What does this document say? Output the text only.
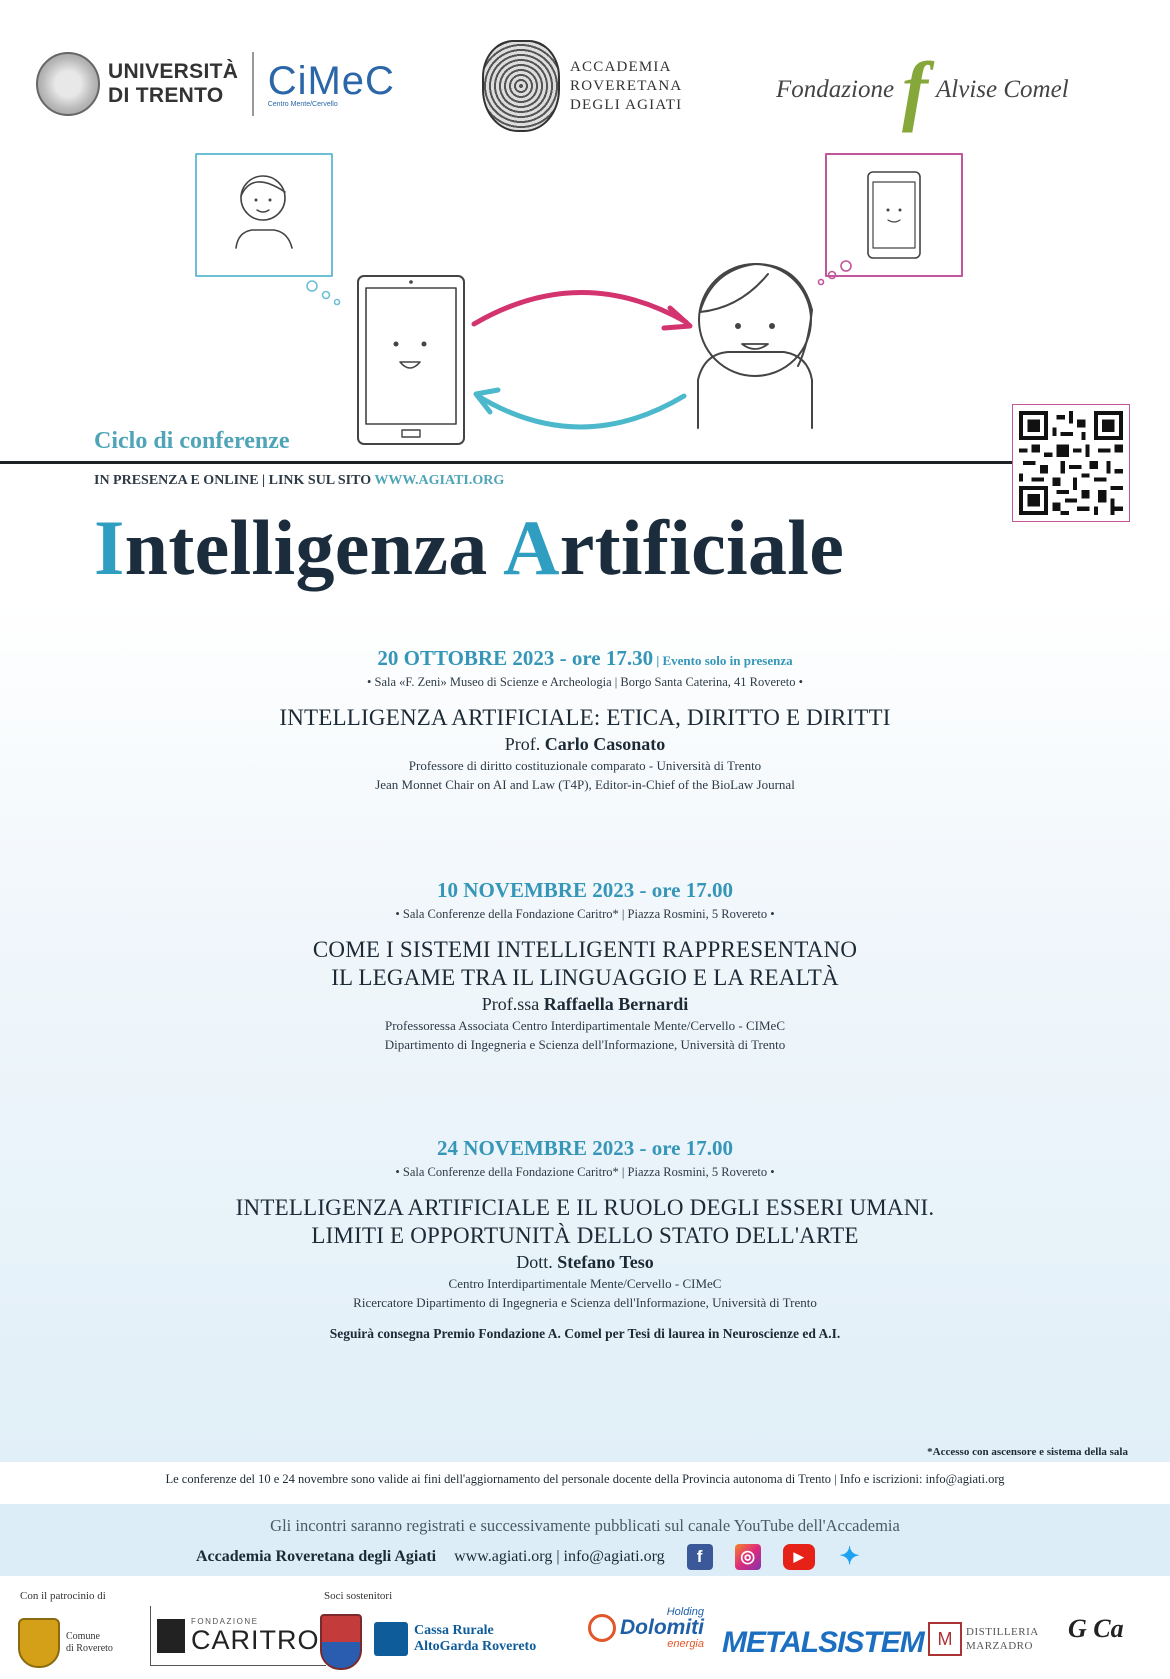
UNIVERSITÀ
DI TRENTO	CiMeC
Centro Mente/Cervello
ACCADEMIA
ROVERETANA
DEGLI AGIATI
Fondazione f Alvise Comel
Ciclo di conferenze
IN PRESENZA E ONLINE | LINK SUL SITO WWW.AGIATI.ORG
Intelligenza Artificiale
20 OTTOBRE 2023 - ore 17.30 | Evento solo in presenza
• Sala «F. Zeni» Museo di Scienze e Archeologia | Borgo Santa Caterina, 41 Rovereto •
INTELLIGENZA ARTIFICIALE: ETICA, DIRITTO E DIRITTI
Prof. Carlo Casonato
Professore di diritto costituzionale comparato - Università di Trento
Jean Monnet Chair on AI and Law (T4P), Editor-in-Chief of the BioLaw Journal
10 NOVEMBRE 2023 - ore 17.00
• Sala Conferenze della Fondazione Caritro* | Piazza Rosmini, 5 Rovereto •
COME I SISTEMI INTELLIGENTI RAPPRESENTANO
IL LEGAME TRA IL LINGUAGGIO E LA REALTÀ
Prof.ssa Raffaella Bernardi
Professoressa Associata Centro Interdipartimentale Mente/Cervello - CIMeC
Dipartimento di Ingegneria e Scienza dell'Informazione, Università di Trento
24 NOVEMBRE 2023 - ore 17.00
• Sala Conferenze della Fondazione Caritro* | Piazza Rosmini, 5 Rovereto •
INTELLIGENZA ARTIFICIALE E IL RUOLO DEGLI ESSERI UMANI.
LIMITI E OPPORTUNITÀ DELLO STATO DELL'ARTE
Dott. Stefano Teso
Centro Interdipartimentale Mente/Cervello - CIMeC
Ricercatore Dipartimento di Ingegneria e Scienza dell'Informazione, Università di Trento
Seguirà consegna Premio Fondazione A. Comel per Tesi di laurea in Neuroscienze ed A.I.
*Accesso con ascensore e sistema della sala
Le conferenze del 10 e 24 novembre sono valide ai fini dell'aggiornamento del personale docente della Provincia autonoma di Trento | Info e iscrizioni: info@agiati.org
Gli incontri saranno registrati e successivamente pubblicati sul canale YouTube dell'Accademia
Accademia Roveretana degli Agiati www.agiati.org | info@agiati.org	f	◎	▶	✦
Con il patrocinio di	Soci sostenitori
Comune
di Rovereto
FONDAZIONE
CARITRO	Cassa Rurale
AltoGarda Rovereto
Holding
Dolomiti
energia METALSISTEM M	DISTILLERIA
MARZADRO
G Ca
